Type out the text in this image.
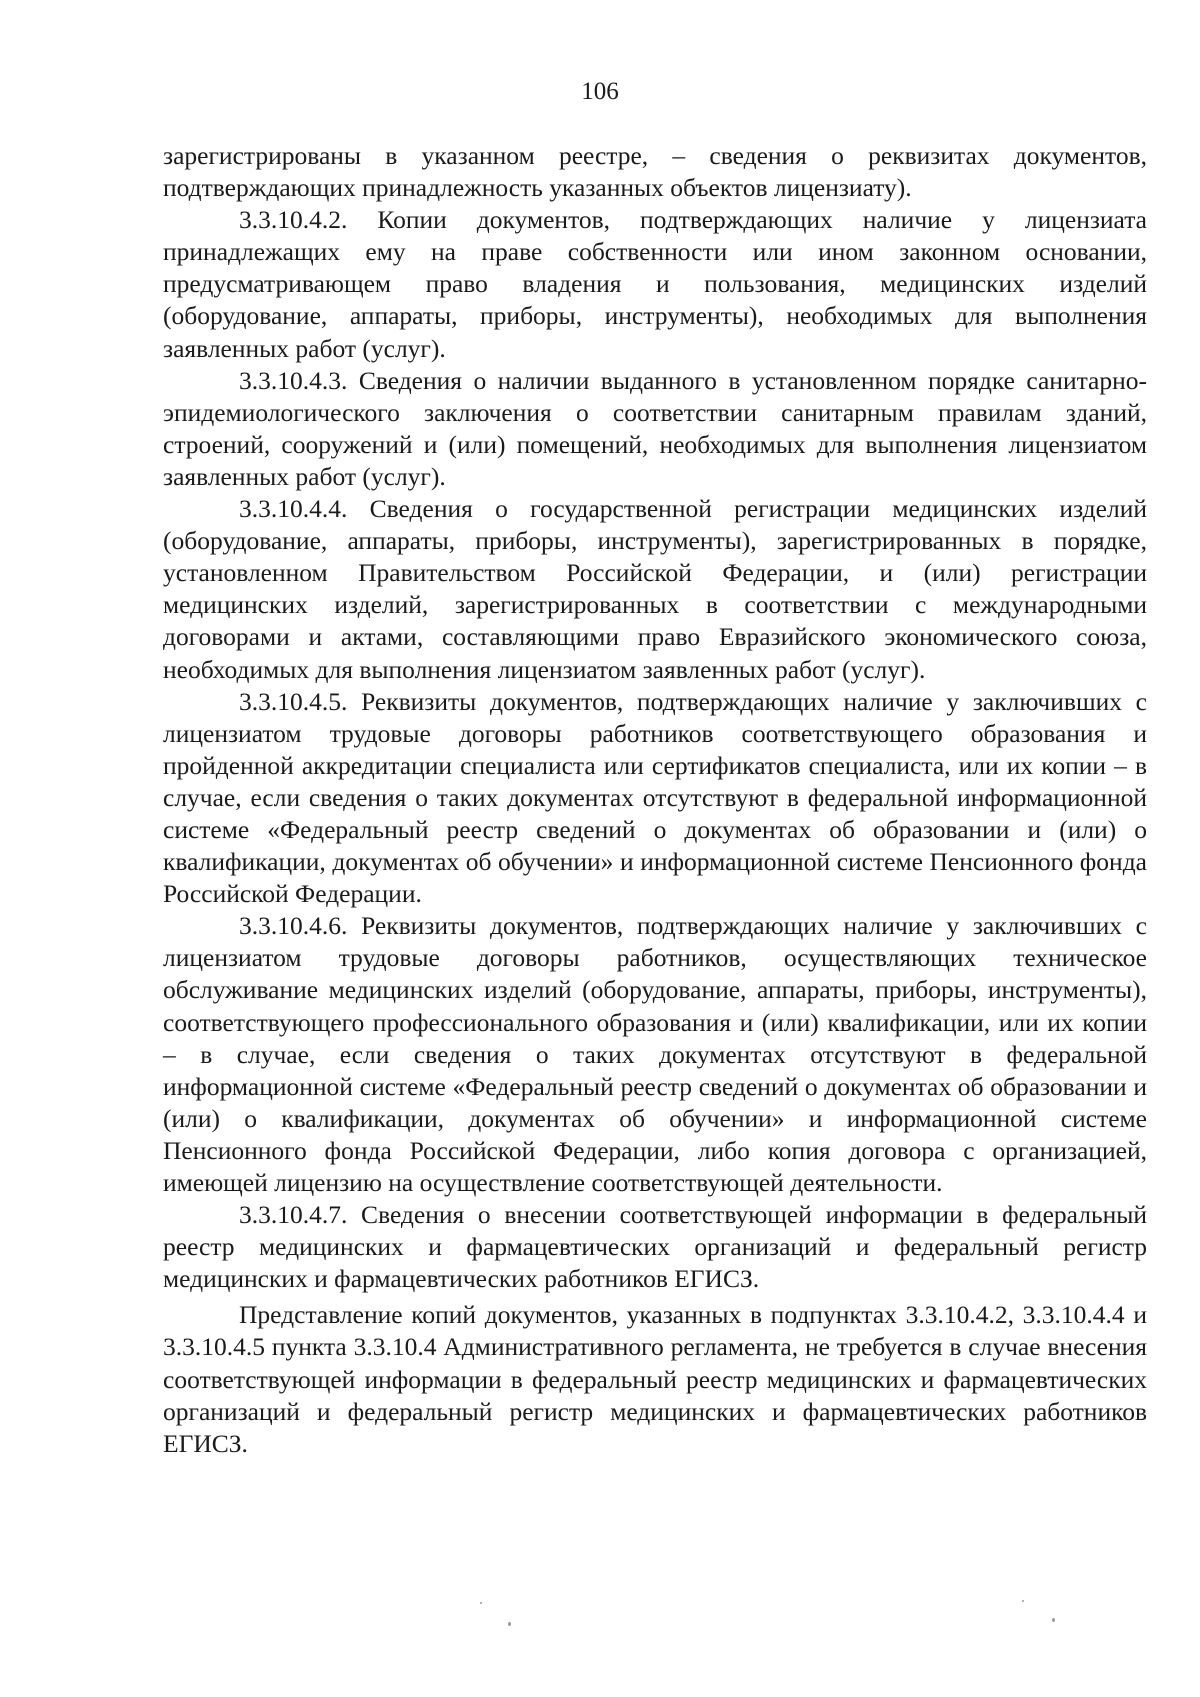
106

зарегистрированы в указанном реестре, – сведения о реквизитах документов, подтверждающих принадлежность указанных объектов лицензиату).

3.3.10.4.2. Копии документов, подтверждающих наличие у лицензиата принадлежащих ему на праве собственности или ином законном основании, предусматривающем право владения и пользования, медицинских изделий (оборудование, аппараты, приборы, инструменты), необходимых для выполнения заявленных работ (услуг).

3.3.10.4.3. Сведения о наличии выданного в установленном порядке санитарно-эпидемиологического заключения о соответствии санитарным правилам зданий, строений, сооружений и (или) помещений, необходимых для выполнения лицензиатом заявленных работ (услуг).

3.3.10.4.4. Сведения о государственной регистрации медицинских изделий (оборудование, аппараты, приборы, инструменты), зарегистрированных в порядке, установленном Правительством Российской Федерации, и (или) регистрации медицинских изделий, зарегистрированных в соответствии с международными договорами и актами, составляющими право Евразийского экономического союза, необходимых для выполнения лицензиатом заявленных работ (услуг).

3.3.10.4.5. Реквизиты документов, подтверждающих наличие у заключивших с лицензиатом трудовые договоры работников соответствующего образования и пройденной аккредитации специалиста или сертификатов специалиста, или их копии – в случае, если сведения о таких документах отсутствуют в федеральной информационной системе «Федеральный реестр сведений о документах об образовании и (или) о квалификации, документах об обучении» и информационной системе Пенсионного фонда Российской Федерации.

3.3.10.4.6. Реквизиты документов, подтверждающих наличие у заключивших с лицензиатом трудовые договоры работников, осуществляющих техническое обслуживание медицинских изделий (оборудование, аппараты, приборы, инструменты), соответствующего профессионального образования и (или) квалификации, или их копии – в случае, если сведения о таких документах отсутствуют в федеральной информационной системе «Федеральный реестр сведений о документах об образовании и (или) о квалификации, документах об обучении» и информационной системе Пенсионного фонда Российской Федерации, либо копия договора с организацией, имеющей лицензию на осуществление соответствующей деятельности.

3.3.10.4.7. Сведения о внесении соответствующей информации в федеральный реестр медицинских и фармацевтических организаций и федеральный регистр медицинских и фармацевтических работников ЕГИСЗ.

Представление копий документов, указанных в подпунктах 3.3.10.4.2, 3.3.10.4.4 и 3.3.10.4.5 пункта 3.3.10.4 Административного регламента, не требуется в случае внесения соответствующей информации в федеральный реестр медицинских и фармацевтических организаций и федеральный регистр медицинских и фармацевтических работников ЕГИСЗ.
